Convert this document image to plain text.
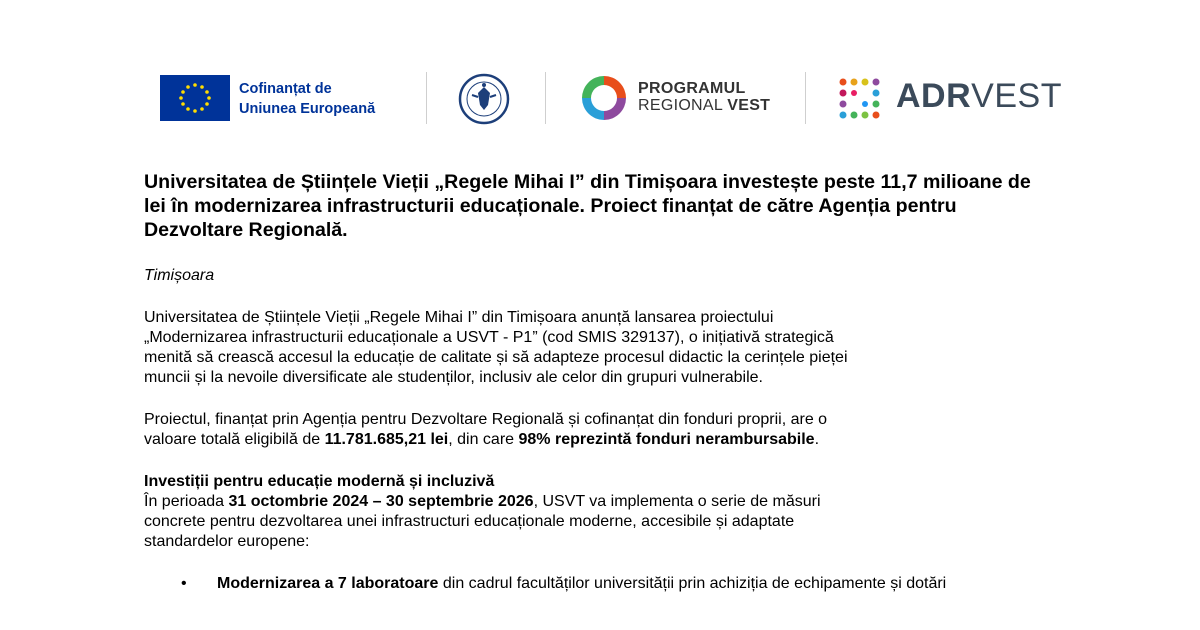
Cofinanțat de
Uniunea Europeană
PROGRAMUL
REGIONAL VEST	ADRVEST
Universitatea de Științele Vieții „Regele Mihai I” din Timișoara investește peste 11,7 milioane de lei în modernizarea infrastructurii educaționale. Proiect finanțat de către Agenția pentru Dezvoltare Regională.
Timișoara

Universitatea de Științele Vieții „Regele Mihai I” din Timișoara anunță lansarea proiectului „Modernizarea infrastructurii educaționale a USVT - P1” (cod SMIS 329137), o inițiativă strategică menită să crească accesul la educație de calitate și să adapteze procesul didactic la cerințele pieței muncii și la nevoile diversificate ale studenților, inclusiv ale celor din grupuri vulnerabile.

Proiectul, finanțat prin Agenția pentru Dezvoltare Regională și cofinanțat din fonduri proprii, are o valoare totală eligibilă de 11.781.685,21 lei, din care 98% reprezintă fonduri nerambursabile.

Investiții pentru educație modernă și incluzivă
În perioada 31 octombrie 2024 – 30 septembrie 2026, USVT va implementa o serie de măsuri concrete pentru dezvoltarea unei infrastructuri educaționale moderne, accesibile și adaptate standardelor europene:
• Modernizarea a 7 laboratoare din cadrul facultăților universității prin achiziția de echipamente și dotări
